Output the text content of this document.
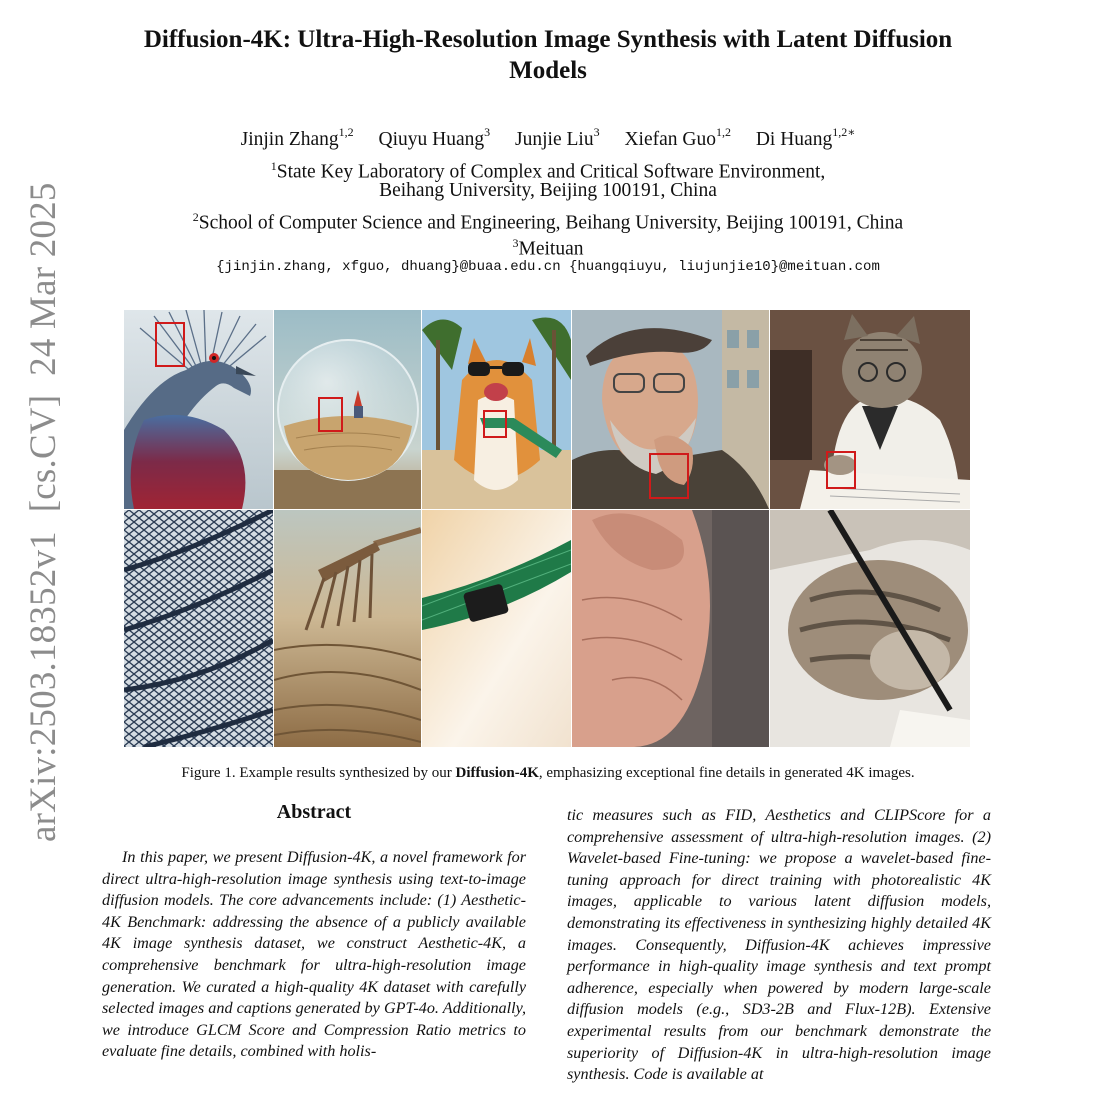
arXiv:2503.18352v1  [cs.CV]  24 Mar 2025
Diffusion-4K: Ultra-High-Resolution Image Synthesis with Latent Diffusion
Models
Jinjin Zhang$^{1,2}$ Qiuyu Huang$^3$ Junjie Liu$^3$ Xiefan Guo$^{1,2}$ Di Huang$^{1,2∗}$
$^1$State Key Laboratory of Complex and Critical Software Environment,
Beihang University, Beijing 100191, China
$^2$School of Computer Science and Engineering, Beihang University, Beijing 100191, China
$^3$Meituan
{jinjin.zhang, xfguo, dhuang}@buaa.edu.cn {huangqiuyu, liujunjie10}@meituan.com
Figure 1. Example results synthesized by our Diffusion-4K, emphasizing exceptional fine details in generated 4K images.
Abstract
In this paper, we present Diffusion-4K, a novel framework for direct ultra-high-resolution image synthesis using text-to-image diffusion models. The core advancements include: (1) Aesthetic-4K Benchmark: addressing the absence of a publicly available 4K image synthesis dataset, we construct Aesthetic-4K, a comprehensive benchmark for ultra-high-resolution image generation. We curated a high-quality 4K dataset with carefully selected images and captions generated by GPT-4o. Additionally, we introduce GLCM Score and Compression Ratio metrics to evaluate fine details, combined with holis-
tic measures such as FID, Aesthetics and CLIPScore for a comprehensive assessment of ultra-high-resolution images. (2) Wavelet-based Fine-tuning: we propose a wavelet-based fine-tuning approach for direct training with photorealistic 4K images, applicable to various latent diffusion models, demonstrating its effectiveness in synthesizing highly detailed 4K images. Consequently, Diffusion-4K achieves impressive performance in high-quality image synthesis and text prompt adherence, especially when powered by modern large-scale diffusion models (e.g., SD3-2B and Flux-12B). Extensive experimental results from our benchmark demonstrate the superiority of Diffusion-4K in ultra-high-resolution image synthesis. Code is available at
